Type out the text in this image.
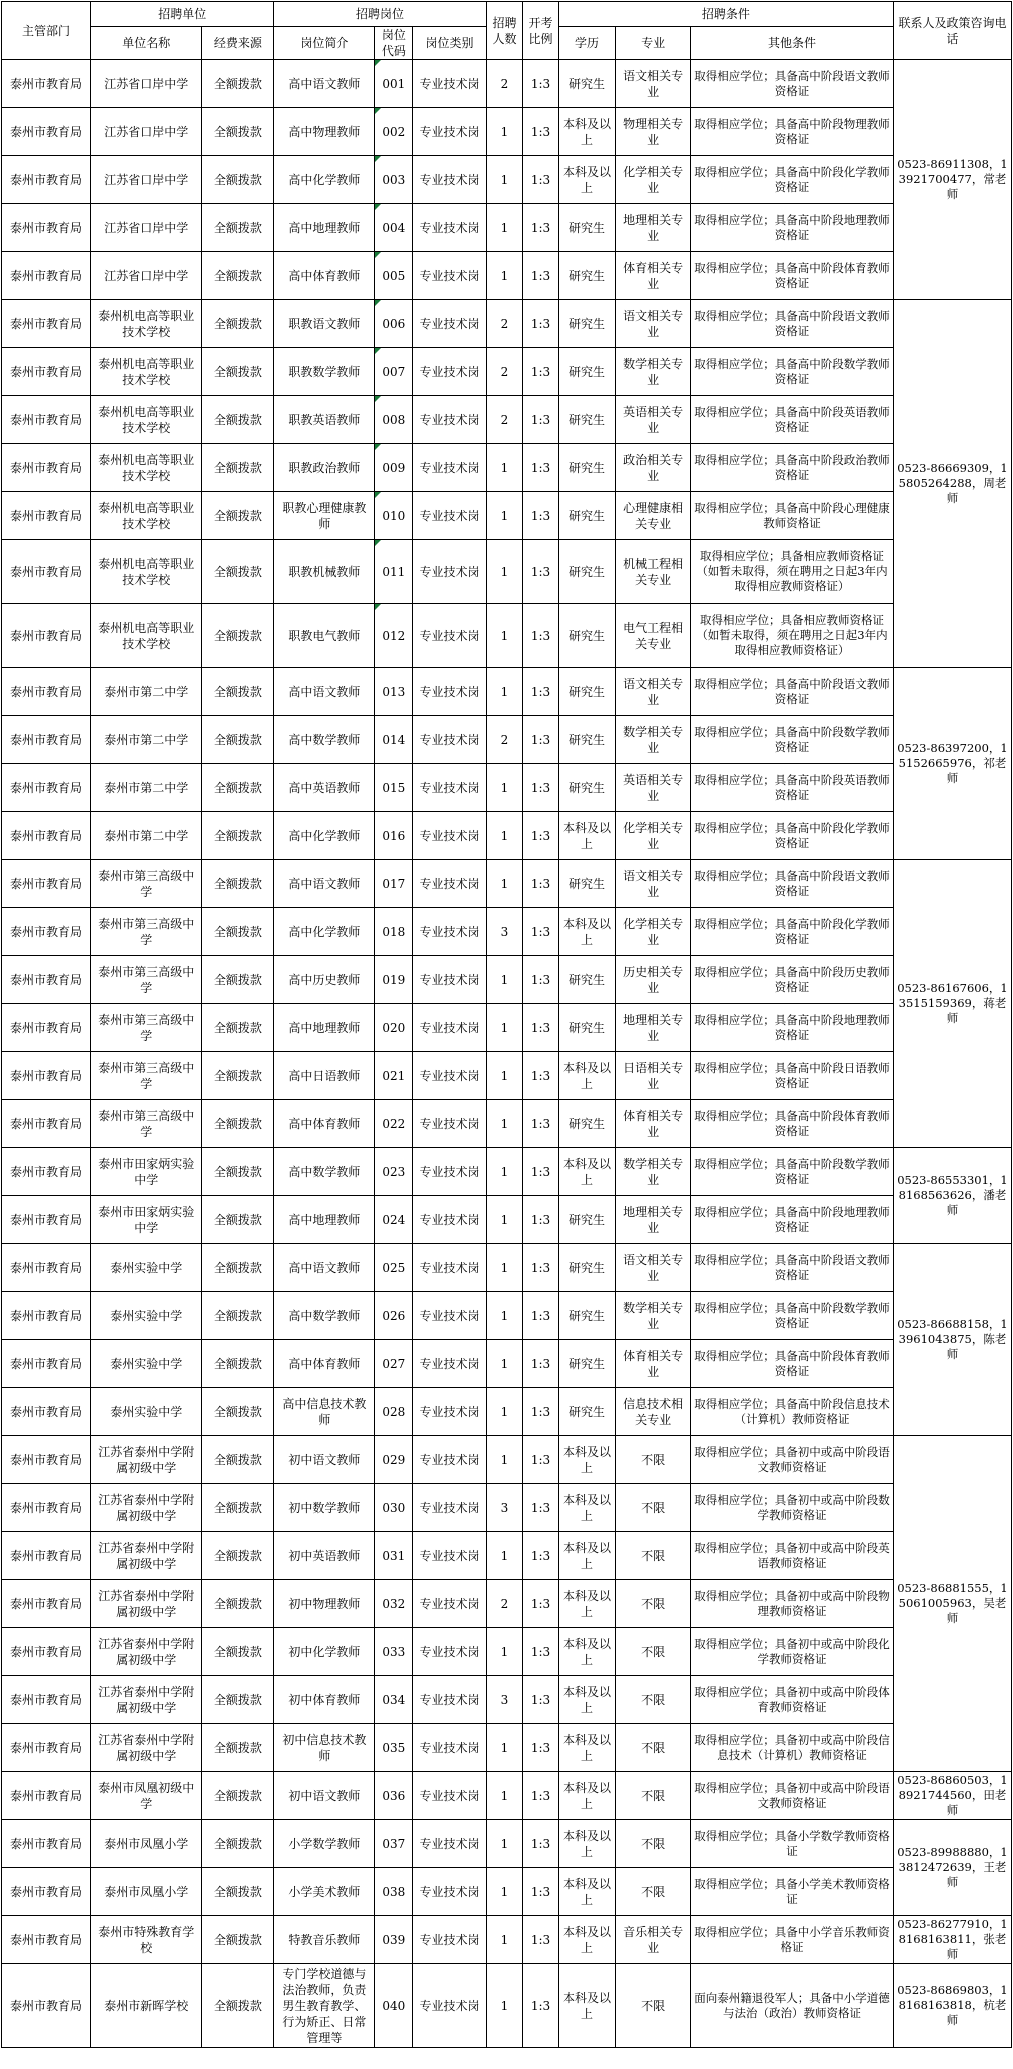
主管部门	招聘单位		招聘岗位			招聘人数	开考比例	招聘条件			联系人及政策咨询电话
	单位名称	经费来源	岗位简介	岗位代码	岗位类别			学历	专业	其他条件	
泰州市教育局	江苏省口岸中学	全额拨款	高中语文教师	001	专业技术岗	2	1:3	研究生	语文相关专业	取得相应学位；具备高中阶段语文教师资格证	0523-86911308，13921700477，常老师
泰州市教育局	江苏省口岸中学	全额拨款	高中物理教师	002	专业技术岗	1	1:3	本科及以上	物理相关专业	取得相应学位；具备高中阶段物理教师资格证	
泰州市教育局	江苏省口岸中学	全额拨款	高中化学教师	003	专业技术岗	1	1:3	本科及以上	化学相关专业	取得相应学位；具备高中阶段化学教师资格证	
泰州市教育局	江苏省口岸中学	全额拨款	高中地理教师	004	专业技术岗	1	1:3	研究生	地理相关专业	取得相应学位；具备高中阶段地理教师资格证	
泰州市教育局	江苏省口岸中学	全额拨款	高中体育教师	005	专业技术岗	1	1:3	研究生	体育相关专业	取得相应学位；具备高中阶段体育教师资格证	
泰州市教育局	泰州机电高等职业技术学校	全额拨款	职教语文教师	006	专业技术岗	2	1:3	研究生	语文相关专业	取得相应学位；具备高中阶段语文教师资格证	0523-86669309，15805264288，周老师
泰州市教育局	泰州机电高等职业技术学校	全额拨款	职教数学教师	007	专业技术岗	2	1:3	研究生	数学相关专业	取得相应学位；具备高中阶段数学教师资格证	
泰州市教育局	泰州机电高等职业技术学校	全额拨款	职教英语教师	008	专业技术岗	2	1:3	研究生	英语相关专业	取得相应学位；具备高中阶段英语教师资格证	
泰州市教育局	泰州机电高等职业技术学校	全额拨款	职教政治教师	009	专业技术岗	1	1:3	研究生	政治相关专业	取得相应学位；具备高中阶段政治教师资格证	
泰州市教育局	泰州机电高等职业技术学校	全额拨款	职教心理健康教师	010	专业技术岗	1	1:3	研究生	心理健康相关专业	取得相应学位；具备高中阶段心理健康教师资格证	
泰州市教育局	泰州机电高等职业技术学校	全额拨款	职教机械教师	011	专业技术岗	1	1:3	研究生	机械工程相关专业	取得相应学位；具备相应教师资格证（如暂未取得，须在聘用之日起3年内取得相应教师资格证）	
泰州市教育局	泰州机电高等职业技术学校	全额拨款	职教电气教师	012	专业技术岗	1	1:3	研究生	电气工程相关专业	取得相应学位；具备相应教师资格证（如暂未取得，须在聘用之日起3年内取得相应教师资格证）	
泰州市教育局	泰州市第二中学	全额拨款	高中语文教师	013	专业技术岗	1	1:3	研究生	语文相关专业	取得相应学位；具备高中阶段语文教师资格证	0523-86397200，15152665976，祁老师
泰州市教育局	泰州市第二中学	全额拨款	高中数学教师	014	专业技术岗	2	1:3	研究生	数学相关专业	取得相应学位；具备高中阶段数学教师资格证	
泰州市教育局	泰州市第二中学	全额拨款	高中英语教师	015	专业技术岗	1	1:3	研究生	英语相关专业	取得相应学位；具备高中阶段英语教师资格证	
泰州市教育局	泰州市第二中学	全额拨款	高中化学教师	016	专业技术岗	1	1:3	本科及以上	化学相关专业	取得相应学位；具备高中阶段化学教师资格证	
泰州市教育局	泰州市第三高级中学	全额拨款	高中语文教师	017	专业技术岗	1	1:3	研究生	语文相关专业	取得相应学位；具备高中阶段语文教师资格证	0523-86167606，13515159369，蒋老师
泰州市教育局	泰州市第三高级中学	全额拨款	高中化学教师	018	专业技术岗	3	1:3	本科及以上	化学相关专业	取得相应学位；具备高中阶段化学教师资格证	
泰州市教育局	泰州市第三高级中学	全额拨款	高中历史教师	019	专业技术岗	1	1:3	研究生	历史相关专业	取得相应学位；具备高中阶段历史教师资格证	
泰州市教育局	泰州市第三高级中学	全额拨款	高中地理教师	020	专业技术岗	1	1:3	研究生	地理相关专业	取得相应学位；具备高中阶段地理教师资格证	
泰州市教育局	泰州市第三高级中学	全额拨款	高中日语教师	021	专业技术岗	1	1:3	本科及以上	日语相关专业	取得相应学位；具备高中阶段日语教师资格证	
泰州市教育局	泰州市第三高级中学	全额拨款	高中体育教师	022	专业技术岗	1	1:3	研究生	体育相关专业	取得相应学位；具备高中阶段体育教师资格证	
泰州市教育局	泰州市田家炳实验中学	全额拨款	高中数学教师	023	专业技术岗	1	1:3	本科及以上	数学相关专业	取得相应学位；具备高中阶段数学教师资格证	0523-86553301，18168563626，潘老师
泰州市教育局	泰州市田家炳实验中学	全额拨款	高中地理教师	024	专业技术岗	1	1:3	研究生	地理相关专业	取得相应学位；具备高中阶段地理教师资格证	
泰州市教育局	泰州实验中学	全额拨款	高中语文教师	025	专业技术岗	1	1:3	研究生	语文相关专业	取得相应学位；具备高中阶段语文教师资格证	0523-86688158，13961043875，陈老师
泰州市教育局	泰州实验中学	全额拨款	高中数学教师	026	专业技术岗	1	1:3	研究生	数学相关专业	取得相应学位；具备高中阶段数学教师资格证	
泰州市教育局	泰州实验中学	全额拨款	高中体育教师	027	专业技术岗	1	1:3	研究生	体育相关专业	取得相应学位；具备高中阶段体育教师资格证	
泰州市教育局	泰州实验中学	全额拨款	高中信息技术教师	028	专业技术岗	1	1:3	研究生	信息技术相关专业	取得相应学位；具备高中阶段信息技术（计算机）教师资格证	
泰州市教育局	江苏省泰州中学附属初级中学	全额拨款	初中语文教师	029	专业技术岗	1	1:3	本科及以上	不限	取得相应学位；具备初中或高中阶段语文教师资格证	0523-86881555，15061005963，吴老师
泰州市教育局	江苏省泰州中学附属初级中学	全额拨款	初中数学教师	030	专业技术岗	3	1:3	本科及以上	不限	取得相应学位；具备初中或高中阶段数学教师资格证	
泰州市教育局	江苏省泰州中学附属初级中学	全额拨款	初中英语教师	031	专业技术岗	1	1:3	本科及以上	不限	取得相应学位；具备初中或高中阶段英语教师资格证	
泰州市教育局	江苏省泰州中学附属初级中学	全额拨款	初中物理教师	032	专业技术岗	2	1:3	本科及以上	不限	取得相应学位；具备初中或高中阶段物理教师资格证	
泰州市教育局	江苏省泰州中学附属初级中学	全额拨款	初中化学教师	033	专业技术岗	1	1:3	本科及以上	不限	取得相应学位；具备初中或高中阶段化学教师资格证	
泰州市教育局	江苏省泰州中学附属初级中学	全额拨款	初中体育教师	034	专业技术岗	3	1:3	本科及以上	不限	取得相应学位；具备初中或高中阶段体育教师资格证	
泰州市教育局	江苏省泰州中学附属初级中学	全额拨款	初中信息技术教师	035	专业技术岗	1	1:3	本科及以上	不限	取得相应学位；具备初中或高中阶段信息技术（计算机）教师资格证	
泰州市教育局	泰州市凤凰初级中学	全额拨款	初中语文教师	036	专业技术岗	1	1:3	本科及以上	不限	取得相应学位；具备初中或高中阶段语文教师资格证	0523-86860503，18921744560，田老师
泰州市教育局	泰州市凤凰小学	全额拨款	小学数学教师	037	专业技术岗	1	1:3	本科及以上	不限	取得相应学位；具备小学数学教师资格证	0523-89988880，13812472639，王老师
泰州市教育局	泰州市凤凰小学	全额拨款	小学美术教师	038	专业技术岗	1	1:3	本科及以上	不限	取得相应学位；具备小学美术教师资格证	
泰州市教育局	泰州市特殊教育学校	全额拨款	特教音乐教师	039	专业技术岗	1	1:3	本科及以上	音乐相关专业	取得相应学位；具备中小学音乐教师资格证	0523-86277910，18168163811，张老师
泰州市教育局	泰州市新晖学校	全额拨款	专门学校道德与法治教师，负责男生教育教学、行为矫正、日常管理等	040	专业技术岗	1	1:3	本科及以上	不限	面向泰州籍退役军人；具备中小学道德与法治（政治）教师资格证	0523-86869803，18168163818，杭老师
